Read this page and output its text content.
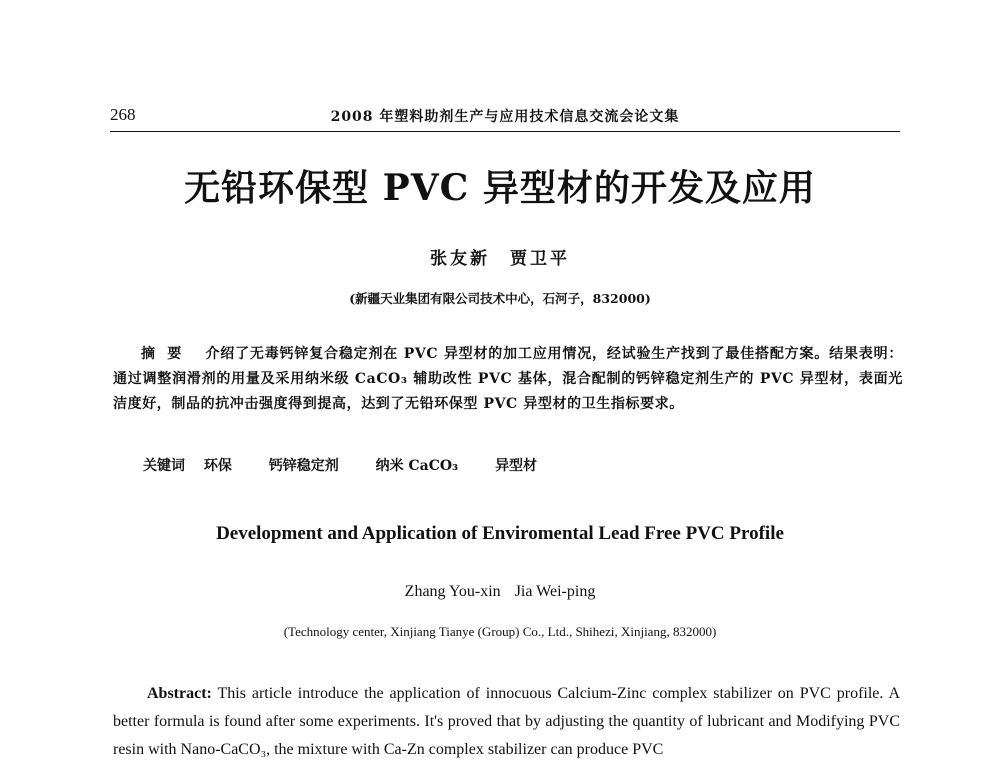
268	2008 年塑料助剂生产与应用技术信息交流会论文集
无铅环保型 PVC 异型材的开发及应用
张友新　贾卫平
(新疆天业集团有限公司技术中心，石河子，832000)
摘要 介绍了无毒钙锌复合稳定剂在 PVC 异型材的加工应用情况，经试验生产找到了最佳搭配方案。结果表明：通过调整润滑剂的用量及采用纳米级 CaCO₃ 辅助改性 PVC 基体，混合配制的钙锌稳定剂生产的 PVC 异型材，表面光洁度好，制品的抗冲击强度得到提高，达到了无铅环保型 PVC 异型材的卫生指标要求。
关键词 环保	钙锌稳定剂	纳米 CaCO₃	异型材
Development and Application of Enviromental Lead Free PVC Profile
Zhang You-xin Jia Wei-ping
(Technology center, Xinjiang Tianye (Group) Co., Ltd., Shihezi, Xinjiang, 832000)
Abstract: This article introduce the application of innocuous Calcium-Zinc complex stabilizer on PVC profile. A better formula is found after some experiments. It's proved that by adjusting the quantity of lubricant and Modifying PVC resin with Nano-CaCO₃, the mixture with Ca-Zn complex stabilizer can produce PVC
